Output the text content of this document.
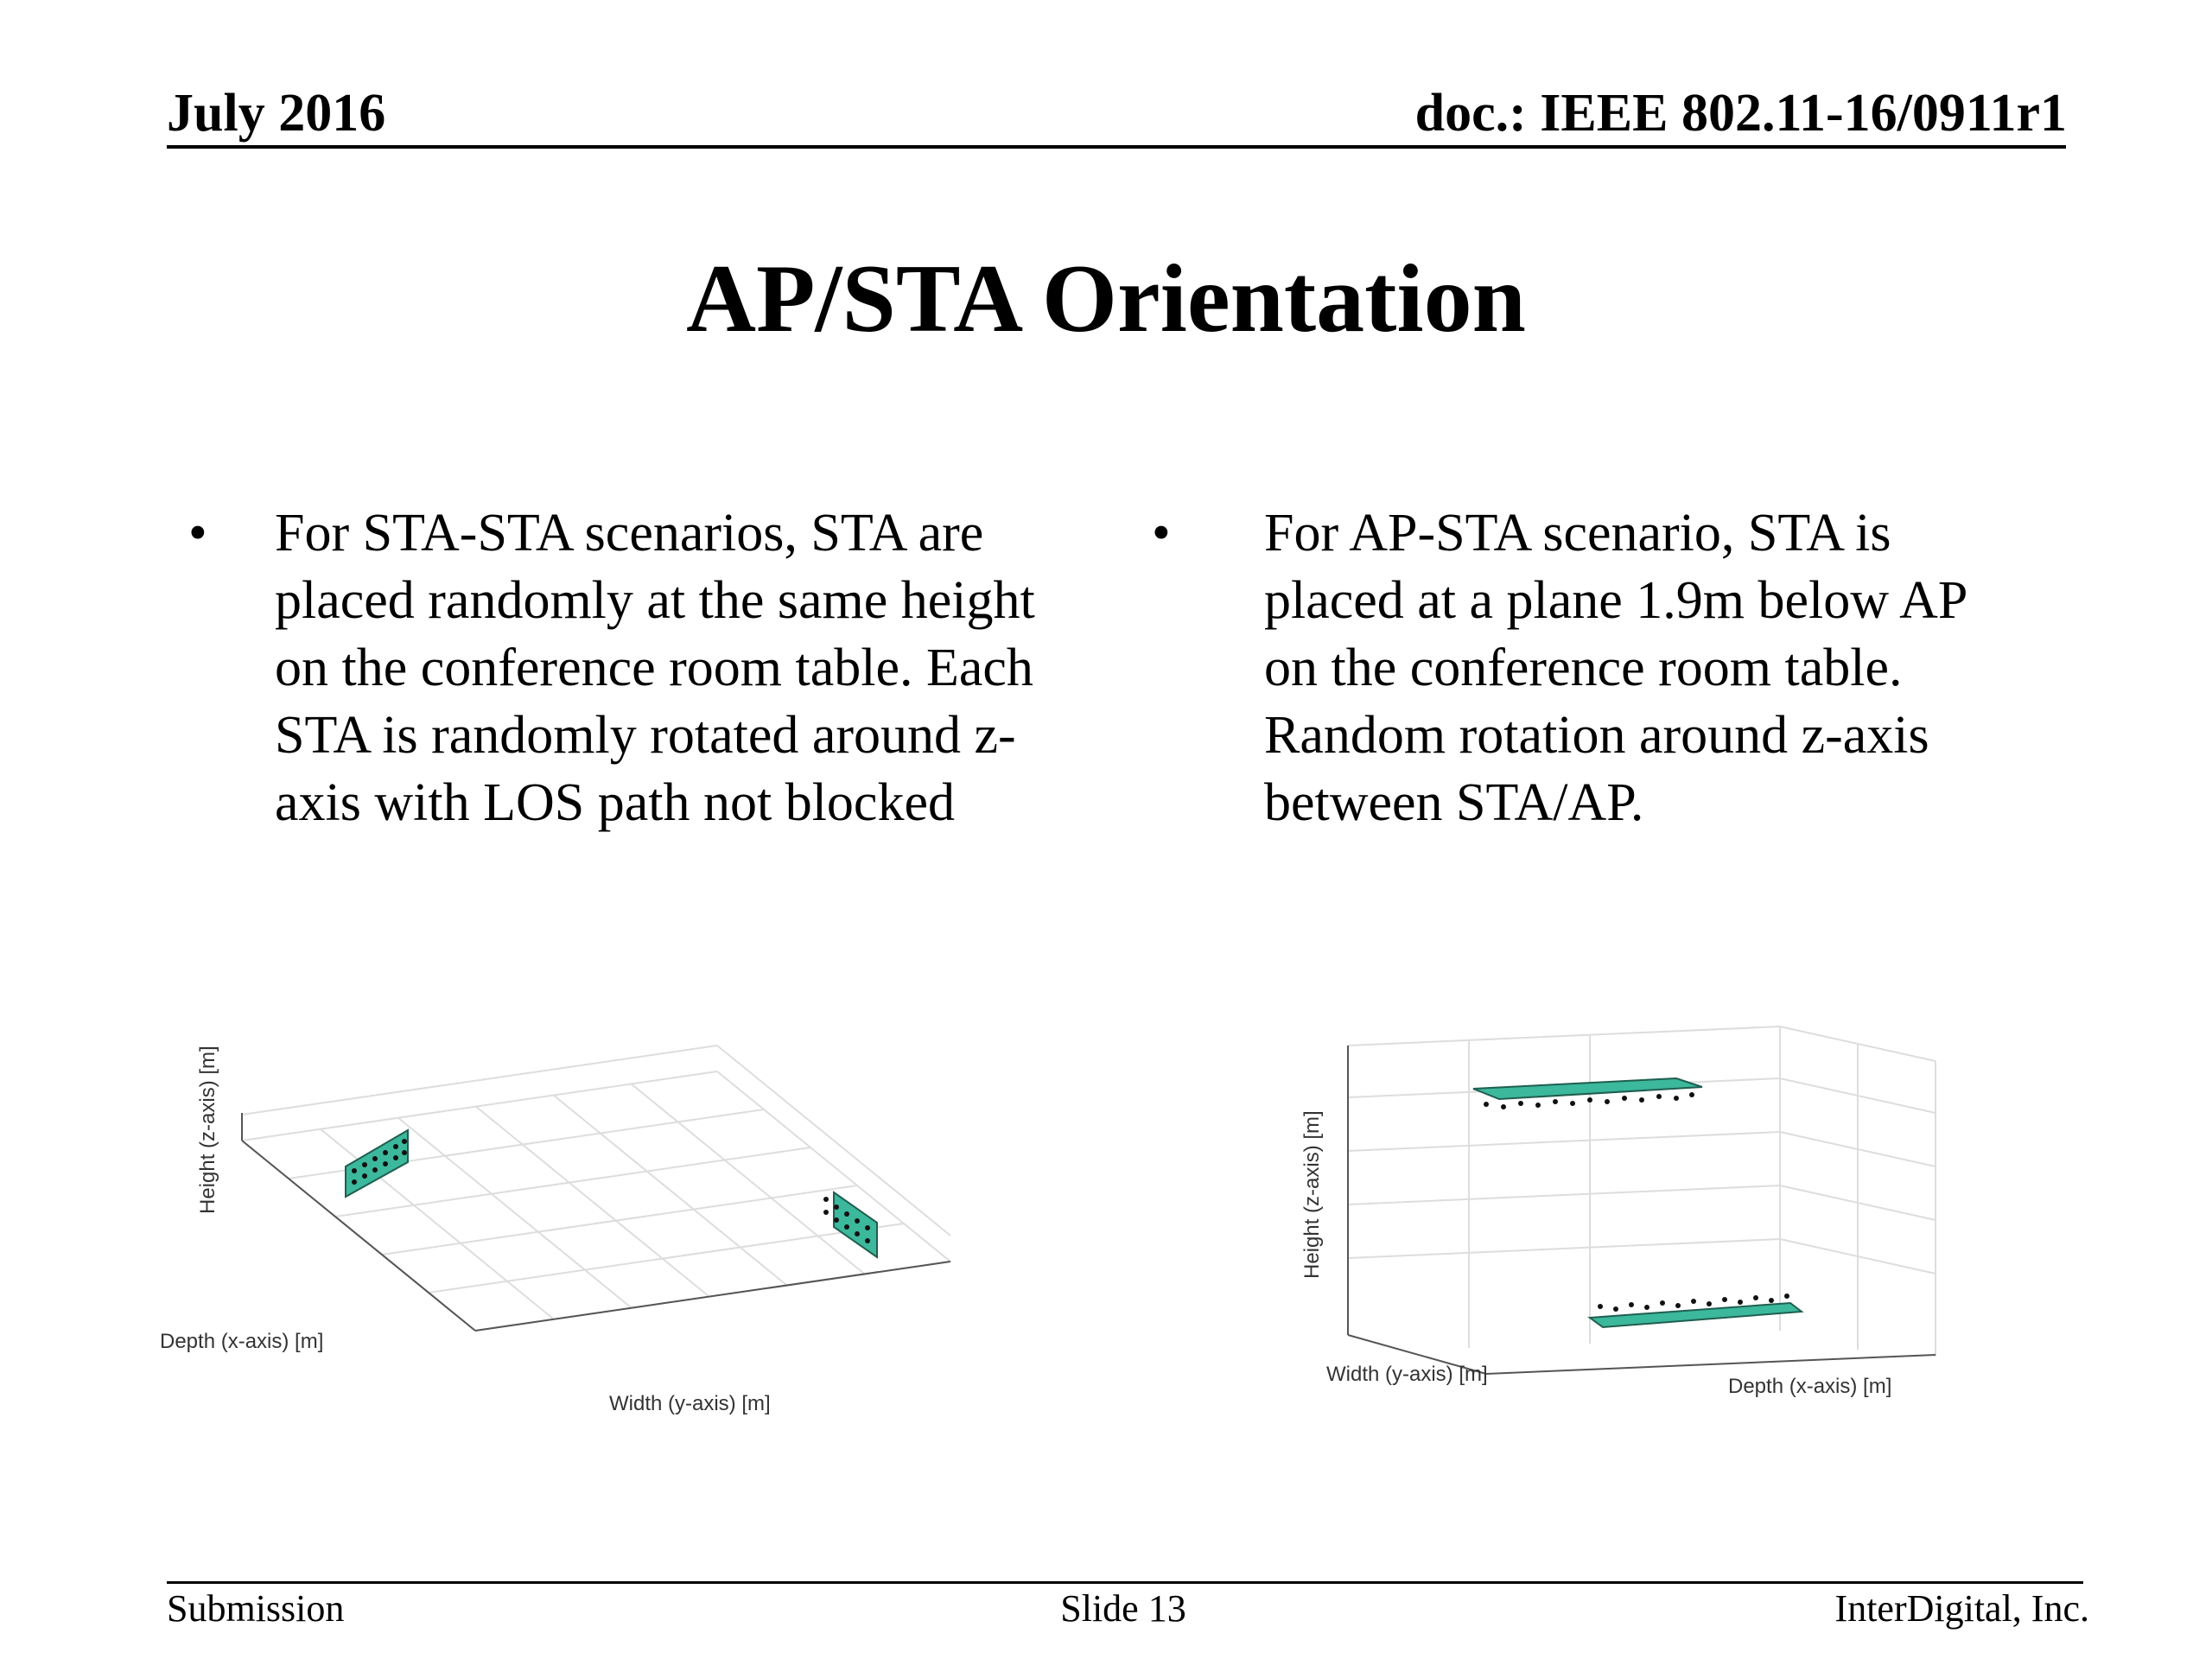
July 2016	doc.: IEEE 802.11-16/0911r1
AP/STA Orientation
• For STA-STA scenarios, STA are
placed randomly at the same height
on the conference room table. Each
STA is randomly rotated around z-
axis with LOS path not blocked
• For AP-STA scenario, STA is
placed at a plane 1.9m below AP
on the conference room table.
Random rotation around z-axis
between STA/AP.
Height (z-axis) [m]
Depth (x-axis) [m]
Width (y-axis) [m]
Height (z-axis) [m]
Width (y-axis) [m]
Depth (x-axis) [m]
Submission	Slide 13	InterDigital, Inc.
